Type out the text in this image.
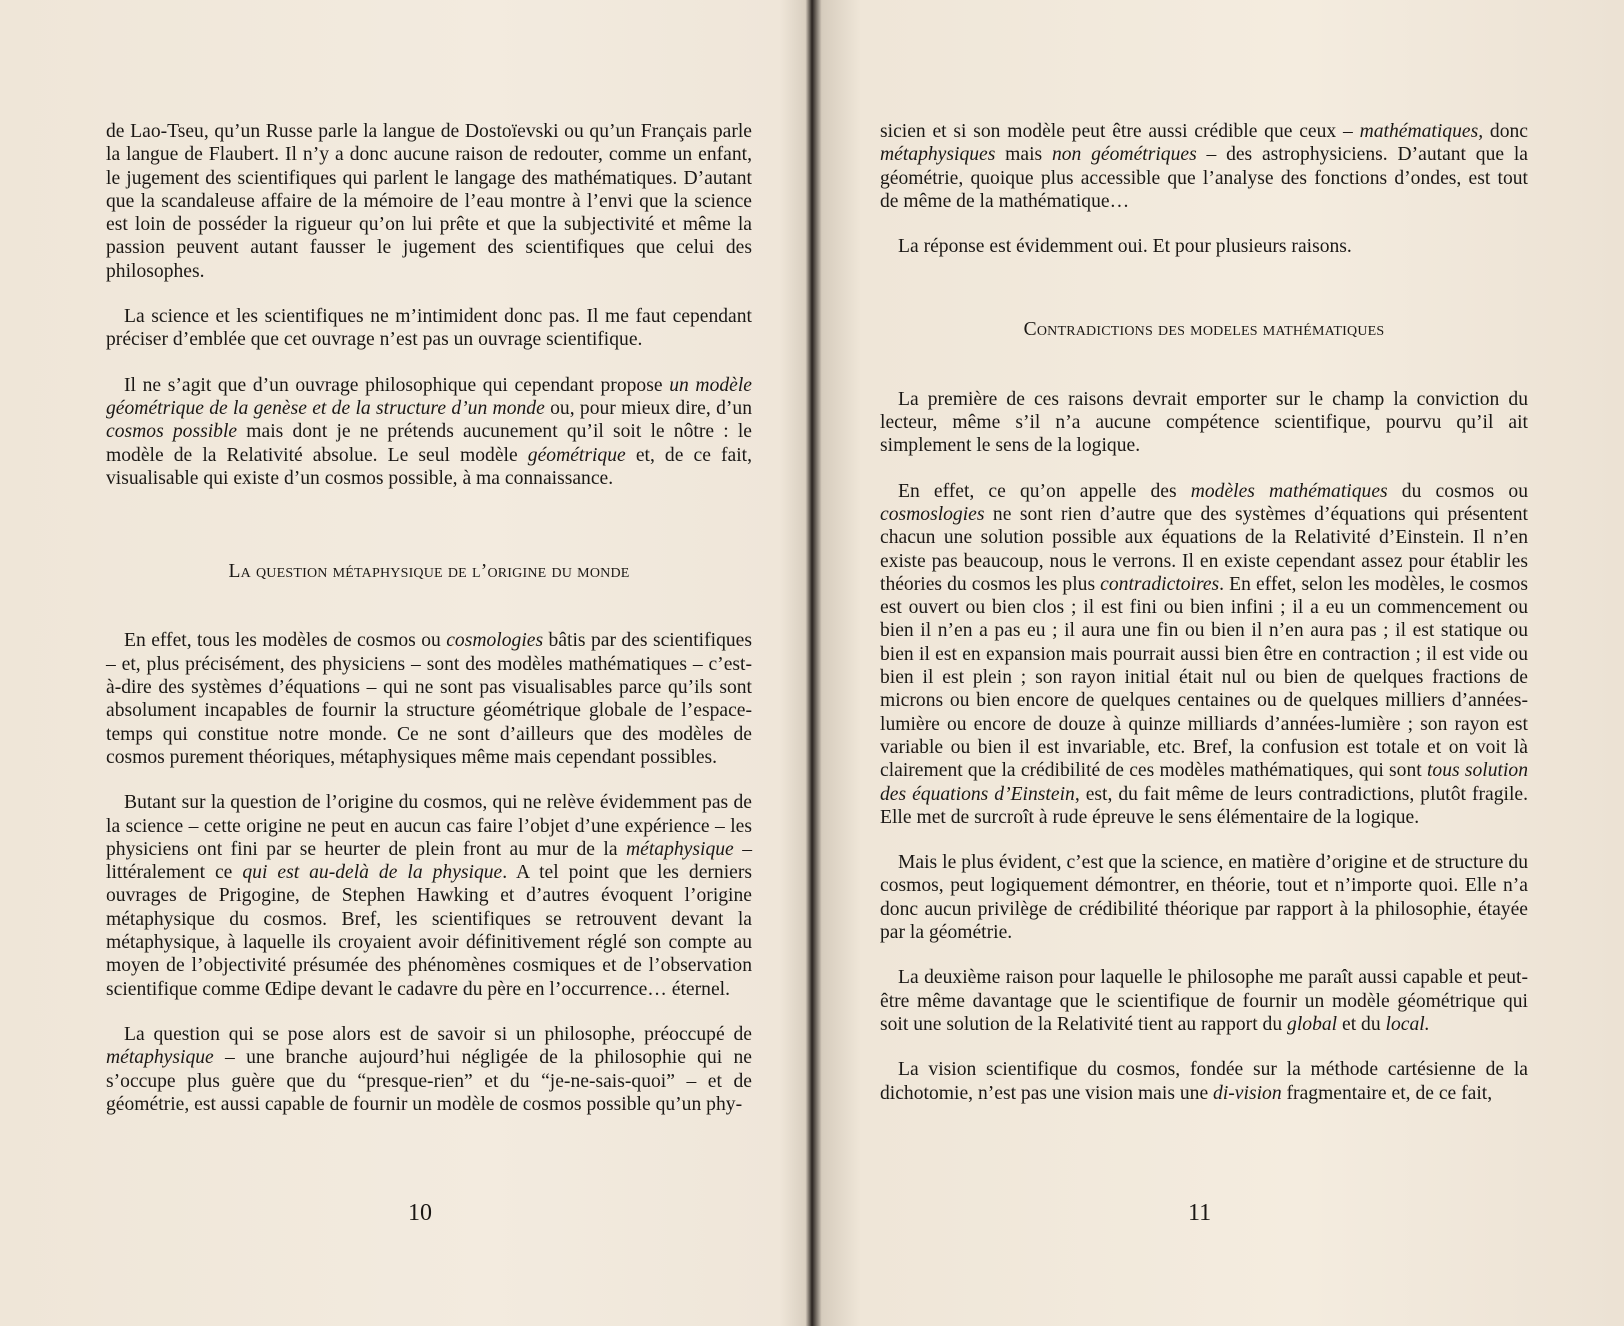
de Lao-Tseu, qu’un Russe parle la langue de Dostoïevski ou qu’un Français parle la langue de Flaubert. Il n’y a donc aucune raison de redouter, comme un enfant, le jugement des scientifiques qui parlent le langage des mathématiques. D’autant que la scandaleuse affaire de la mémoire de l’eau montre à l’envi que la science est loin de posséder la rigueur qu’on lui prête et que la subjectivité et même la passion peuvent autant fausser le jugement des scientifiques que celui des philosophes.

La science et les scientifiques ne m’intimident donc pas. Il me faut cependant préciser d’emblée que cet ouvrage n’est pas un ouvrage scientifique.

Il ne s’agit que d’un ouvrage philosophique qui cependant propose un modèle géométrique de la genèse et de la structure d’un monde ou, pour mieux dire, d’un cosmos possible mais dont je ne prétends aucunement qu’il soit le nôtre : le modèle de la Relativité absolue. Le seul modèle géométrique et, de ce fait, visualisable qui existe d’un cosmos possible, à ma connaissance.

La question métaphysique de l’origine du monde

En effet, tous les modèles de cosmos ou cosmologies bâtis par des scientifiques – et, plus précisément, des physiciens – sont des modèles mathématiques – c’est-à-dire des systèmes d’équations – qui ne sont pas visualisables parce qu’ils sont absolument incapables de fournir la structure géométrique globale de l’espace-temps qui constitue notre monde. Ce ne sont d’ailleurs que des modèles de cosmos purement théoriques, métaphysiques même mais cependant possibles.

Butant sur la question de l’origine du cosmos, qui ne relève évidemment pas de la science – cette origine ne peut en aucun cas faire l’objet d’une expérience – les physiciens ont fini par se heurter de plein front au mur de la métaphysique – littéralement ce qui est au-delà de la physique. A tel point que les derniers ouvrages de Prigogine, de Stephen Hawking et d’autres évoquent l’origine métaphysique du cosmos. Bref, les scientifiques se retrouvent devant la métaphysique, à laquelle ils croyaient avoir définitivement réglé son compte au moyen de l’objectivité présumée des phénomènes cosmiques et de l’observation scientifique comme Œdipe devant le cadavre du père en l’occurrence… éternel.

La question qui se pose alors est de savoir si un philosophe, préoccupé de métaphysique – une branche aujourd’hui négligée de la philosophie qui ne s’occupe plus guère que du “presque-rien” et du “je-ne-sais-quoi” – et de géométrie, est aussi capable de fournir un modèle de cosmos possible qu’un phy-

10

sicien et si son modèle peut être aussi crédible que ceux – mathématiques, donc métaphysiques mais non géométriques – des astrophysiciens. D’autant que la géométrie, quoique plus accessible que l’analyse des fonctions d’ondes, est tout de même de la mathématique…

La réponse est évidemment oui. Et pour plusieurs raisons.

Contradictions des modeles mathématiques

La première de ces raisons devrait emporter sur le champ la conviction du lecteur, même s’il n’a aucune compétence scientifique, pourvu qu’il ait simplement le sens de la logique.

En effet, ce qu’on appelle des modèles mathématiques du cosmos ou cosmoslogies ne sont rien d’autre que des systèmes d’équations qui présentent chacun une solution possible aux équations de la Relativité d’Einstein. Il n’en existe pas beaucoup, nous le verrons. Il en existe cependant assez pour établir les théories du cosmos les plus contradictoires. En effet, selon les modèles, le cosmos est ouvert ou bien clos ; il est fini ou bien infini ; il a eu un commencement ou bien il n’en a pas eu ; il aura une fin ou bien il n’en aura pas ; il est statique ou bien il est en expansion mais pourrait aussi bien être en contraction ; il est vide ou bien il est plein ; son rayon initial était nul ou bien de quelques fractions de microns ou bien encore de quelques centaines ou de quelques milliers d’années-lumière ou encore de douze à quinze milliards d’années-lumière ; son rayon est variable ou bien il est invariable, etc. Bref, la confusion est totale et on voit là clairement que la crédibilité de ces modèles mathématiques, qui sont tous solution des équations d’Einstein, est, du fait même de leurs contradictions, plutôt fragile. Elle met de surcroît à rude épreuve le sens élémentaire de la logique.

Mais le plus évident, c’est que la science, en matière d’origine et de structure du cosmos, peut logiquement démontrer, en théorie, tout et n’importe quoi. Elle n’a donc aucun privilège de crédibilité théorique par rapport à la philosophie, étayée par la géométrie.

La deuxième raison pour laquelle le philosophe me paraît aussi capable et peut-être même davantage que le scientifique de fournir un modèle géométrique qui soit une solution de la Relativité tient au rapport du global et du local.

La vision scientifique du cosmos, fondée sur la méthode cartésienne de la dichotomie, n’est pas une vision mais une di-vision fragmentaire et, de ce fait,

11
